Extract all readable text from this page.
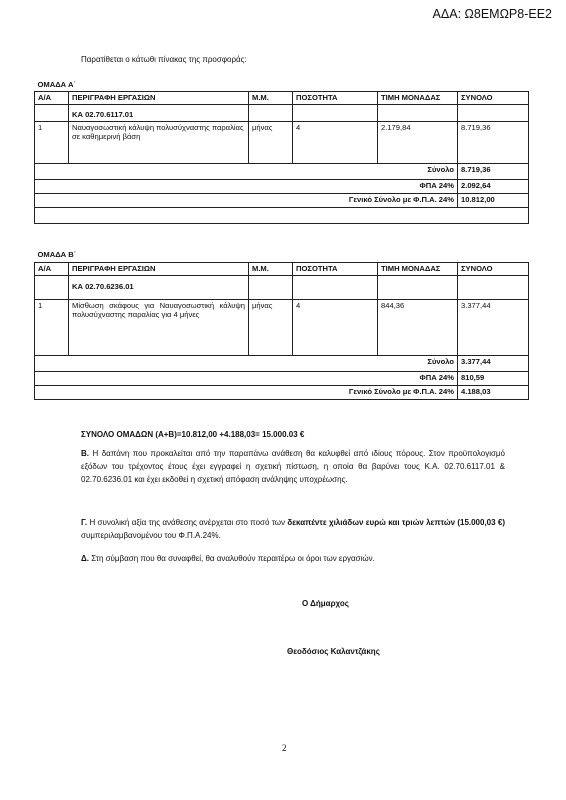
ΑΔΑ: Ω8ΕΜΩΡ8-ΕΕ2
Παρατίθεται ο κάτωθι πίνακας της προσφοράς:
ΟΜΑΔΑ Α΄					
Α/Α	ΠΕΡΙΓΡΑΦΗ ΕΡΓΑΣΙΩΝ	Μ.Μ.	ΠΟΣΟΤΗΤΑ	ΤΙΜΗ ΜΟΝΑΔΑΣ	ΣΥΝΟΛΟ
	ΚΑ 02.70.6117.01				
1	Ναυαγοσωστική κάλυψη πολυσύχναστης παραλίας σε καθημερινή βάση	μήνας	4	2.179,84	8.719,36
Σύνολο					8.719,36
ΦΠΑ 24%					2.092,64
Γενικό Σύνολο με Φ.Π.Α. 24%					10.812,00

ΟΜΑΔΑ Β΄					
Α/Α	ΠΕΡΙΓΡΑΦΗ ΕΡΓΑΣΙΩΝ	Μ.Μ.	ΠΟΣΟΤΗΤΑ	ΤΙΜΗ ΜΟΝΑΔΑΣ	ΣΥΝΟΛΟ
	ΚΑ 02.70.6236.01				
1	Μίσθωση σκάφους για Ναυαγοσωστική κάλυψη πολυσύχναστης παραλίας για 4 μήνες	μήνας	4	844,36	3.377,44
Σύνολο					3.377,44
ΦΠΑ 24%					810,59
Γενικό Σύνολο με Φ.Π.Α. 24%					4.188,03
ΣΥΝΟΛΟ ΟΜΑΔΩΝ (Α+Β)=10.812,00 +4.188,03= 15.000.03 €
Β. Η δαπάνη που προκαλείται από την παραπάνω ανάθεση θα καλυφθεί από ιδίους πόρους. Στον προϋπολογισμό εξόδων του τρέχοντος έτους έχει εγγραφεί η σχετική πίστωση, η οποία θα βαρύνει τους Κ.Α. 02.70.6117.01 & 02.70.6236.01 και έχει εκδοθεί η σχετική απόφαση ανάληψης υποχρέωσης.
Γ. Η συνολική αξία της ανάθεσης ανέρχεται στο ποσό των δεκαπέντε χιλιάδων ευρώ και τριών λεπτών (15.000,03 €) συμπεριλαμβανομένου του Φ.Π.Α.24%.
Δ. Στη σύμβαση που θα συναφθεί, θα αναλυθούν περαιτέρω οι όροι των εργασιών.
Ο Δήμαρχος
Θεοδόσιος Καλαντζάκης
2
